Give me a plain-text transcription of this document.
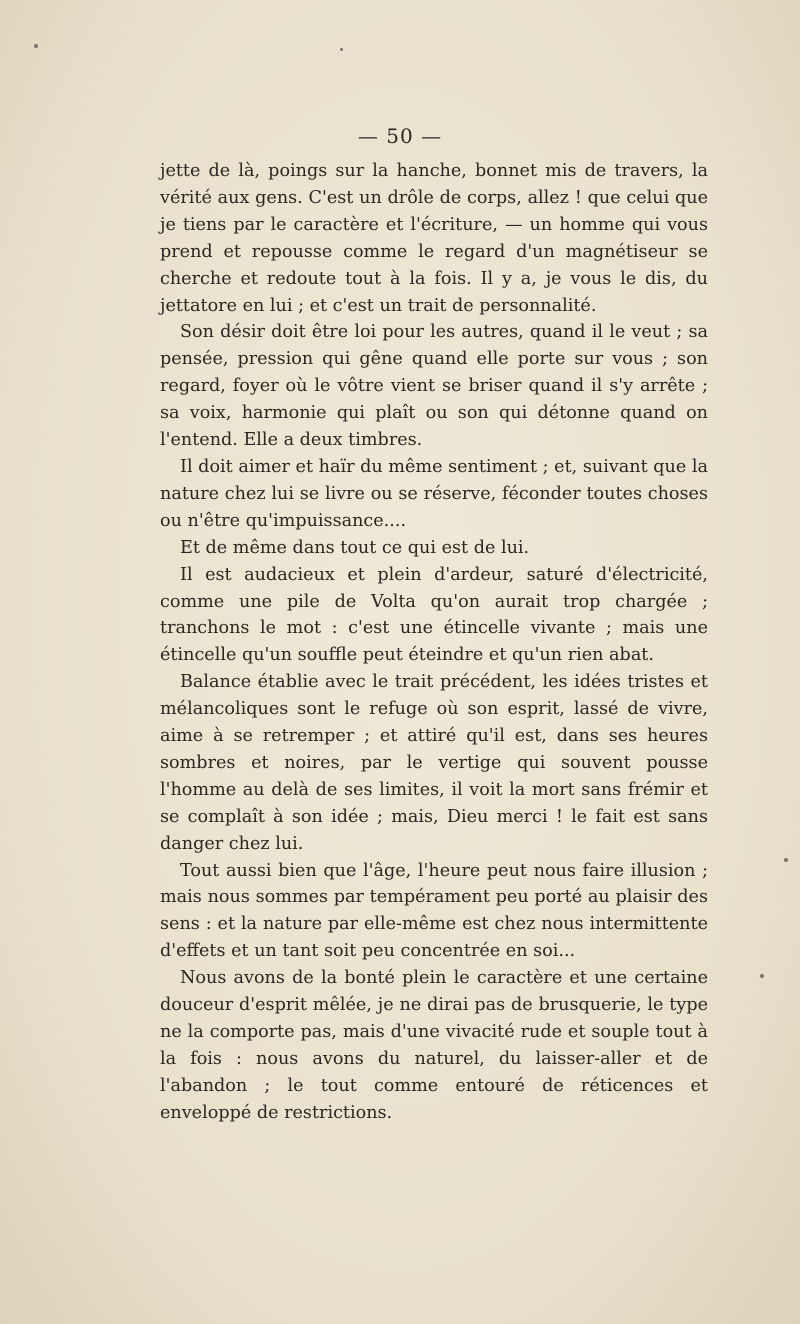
— 50 —

jette de là, poings sur la hanche, bonnet mis de travers, la vérité aux gens. C'est un drôle de corps, allez ! que celui que je tiens par le caractère et l'écriture, — un homme qui vous prend et repousse comme le regard d'un magnétiseur se cherche et redoute tout à la fois. Il y a, je vous le dis, du jettatore en lui ; et c'est un trait de personnalité.

Son désir doit être loi pour les autres, quand il le veut ; sa pensée, pression qui gêne quand elle porte sur vous ; son regard, foyer où le vôtre vient se briser quand il s'y arrête ; sa voix, harmonie qui plaît ou son qui détonne quand on l'entend. Elle a deux timbres.

Il doit aimer et haïr du même sentiment ; et, suivant que la nature chez lui se livre ou se réserve, féconder toutes choses ou n'être qu'impuissance....

Et de même dans tout ce qui est de lui.

Il est audacieux et plein d'ardeur, saturé d'électricité, comme une pile de Volta qu'on aurait trop chargée ; tranchons le mot : c'est une étincelle vivante ; mais une étincelle qu'un souffle peut éteindre et qu'un rien abat.

Balance établie avec le trait précédent, les idées tristes et mélancoliques sont le refuge où son esprit, lassé de vivre, aime à se retremper ; et attiré qu'il est, dans ses heures sombres et noires, par le vertige qui souvent pousse l'homme au delà de ses limites, il voit la mort sans frémir et se complaît à son idée ; mais, Dieu merci ! le fait est sans danger chez lui.

Tout aussi bien que l'âge, l'heure peut nous faire illusion ; mais nous sommes par tempérament peu porté au plaisir des sens : et la nature par elle-même est chez nous intermittente d'effets et un tant soit peu concentrée en soi...

Nous avons de la bonté plein le caractère et une certaine douceur d'esprit mêlée, je ne dirai pas de brusquerie, le type ne la comporte pas, mais d'une vivacité rude et souple tout à la fois : nous avons du naturel, du laisser-aller et de l'abandon ; le tout comme entouré de réticences et enveloppé de restrictions.
